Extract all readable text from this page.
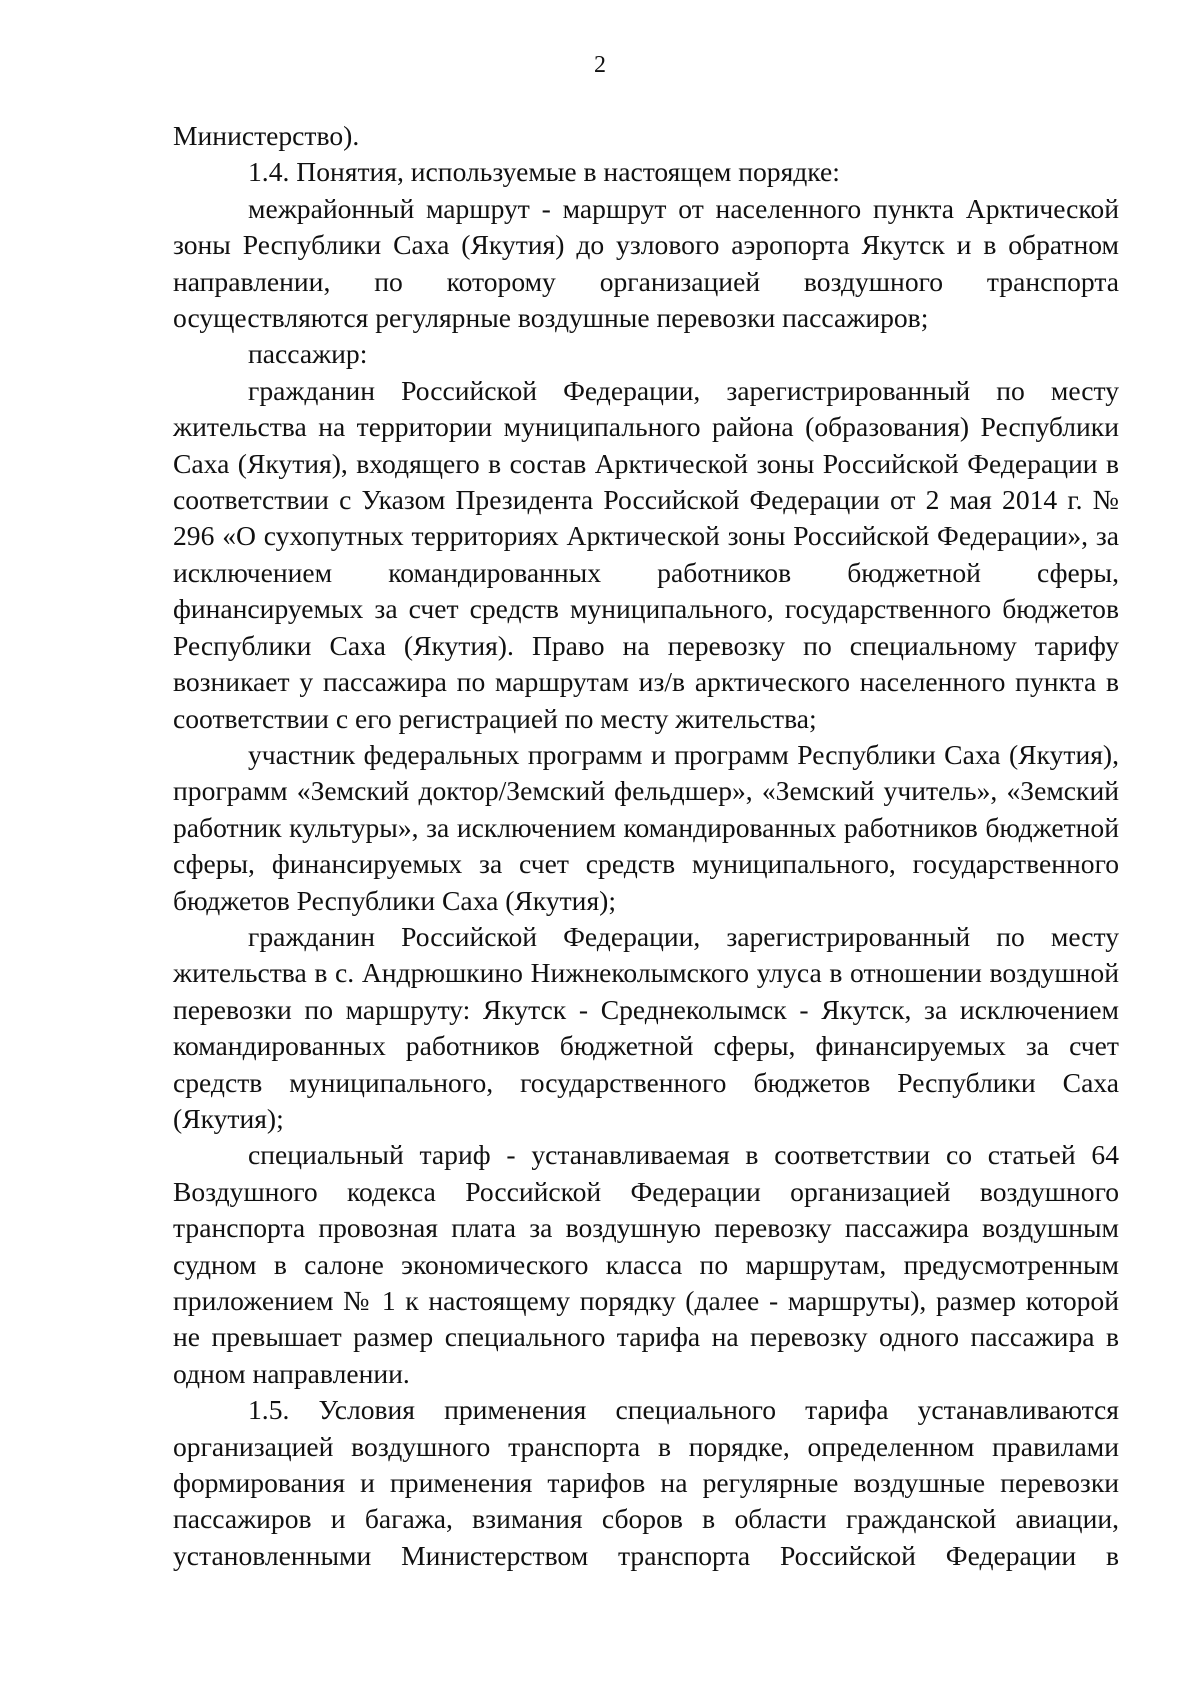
2

Министерство).

1.4. Понятия, используемые в настоящем порядке:

межрайонный маршрут - маршрут от населенного пункта Арктической зоны Республики Саха (Якутия) до узлового аэропорта Якутск и в обратном направлении, по которому организацией воздушного транспорта осуществляются регулярные воздушные перевозки пассажиров;

пассажир:

гражданин Российской Федерации, зарегистрированный по месту жительства на территории муниципального района (образования) Республики Саха (Якутия), входящего в состав Арктической зоны Российской Федерации в соответствии с Указом Президента Российской Федерации от 2 мая 2014 г. № 296 «О сухопутных территориях Арктической зоны Российской Федерации», за исключением командированных работников бюджетной сферы, финансируемых за счет средств муниципального, государственного бюджетов Республики Саха (Якутия). Право на перевозку по специальному тарифу возникает у пассажира по маршрутам из/в арктического населенного пункта в соответствии с его регистрацией по месту жительства;

участник федеральных программ и программ Республики Саха (Якутия), программ «Земский доктор/Земский фельдшер», «Земский учитель», «Земский работник культуры», за исключением командированных работников бюджетной сферы, финансируемых за счет средств муниципального, государственного бюджетов Республики Саха (Якутия);

гражданин Российской Федерации, зарегистрированный по месту жительства в с. Андрюшкино Нижнеколымского улуса в отношении воздушной перевозки по маршруту: Якутск - Среднеколымск - Якутск, за исключением командированных работников бюджетной сферы, финансируемых за счет средств муниципального, государственного бюджетов Республики Саха (Якутия);

специальный тариф - устанавливаемая в соответствии со статьей 64 Воздушного кодекса Российской Федерации организацией воздушного транспорта провозная плата за воздушную перевозку пассажира воздушным судном в салоне экономического класса по маршрутам, предусмотренным приложением № 1 к настоящему порядку (далее - маршруты), размер которой не превышает размер специального тарифа на перевозку одного пассажира в одном направлении.

1.5. Условия применения специального тарифа устанавливаются организацией воздушного транспорта в порядке, определенном правилами формирования и применения тарифов на регулярные воздушные перевозки пассажиров и багажа, взимания сборов в области гражданской авиации, установленными Министерством транспорта Российской Федерации в
